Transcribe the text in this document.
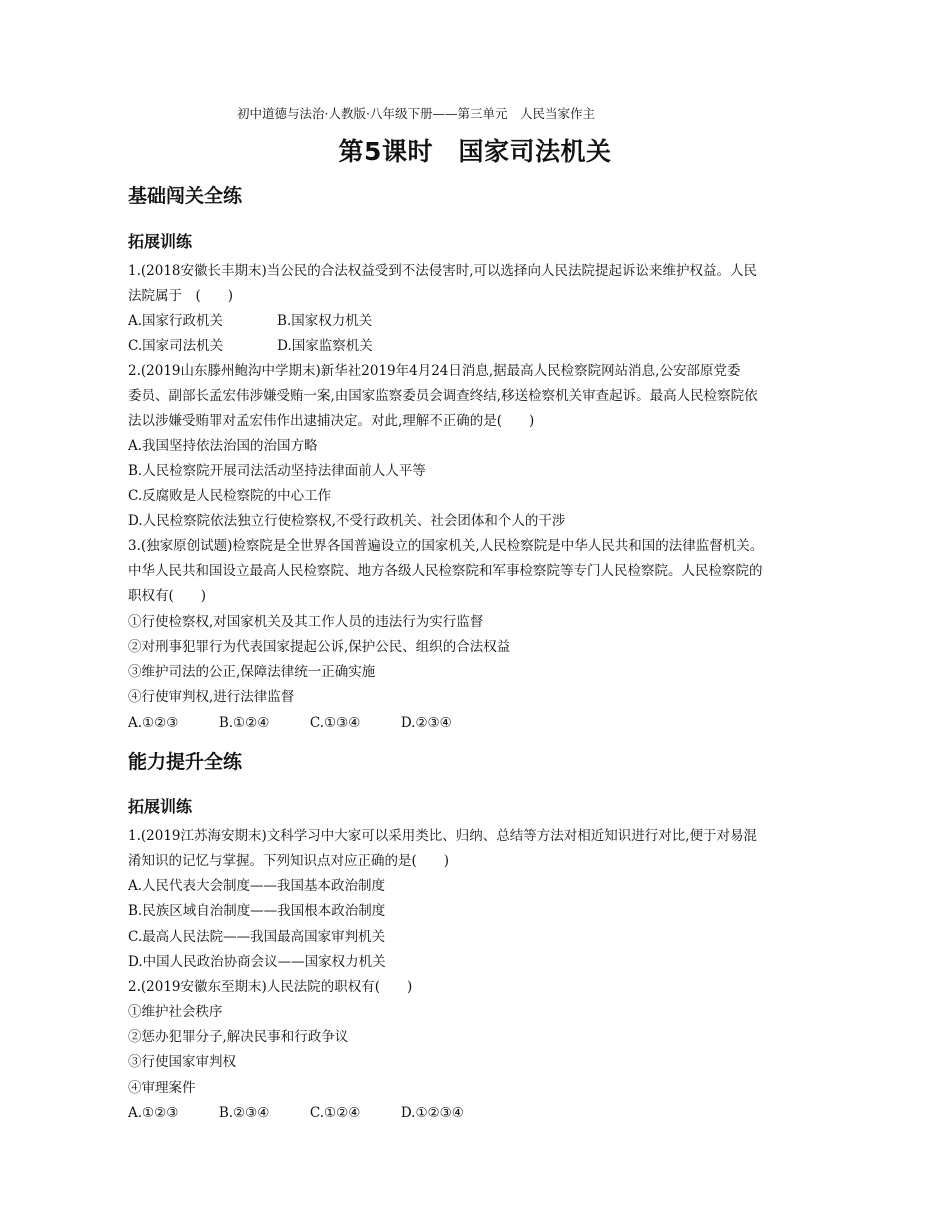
初中道德与法治·人教版·八年级下册——第三单元　人民当家作主
第5课时　国家司法机关
基础闯关全练
拓展训练
1.(2018安徽长丰期末)当公民的合法权益受到不法侵害时,可以选择向人民法院提起诉讼来维护权益。人民
法院属于　(　　)
A.国家行政机关　　　　B.国家权力机关
C.国家司法机关　　　　D.国家监察机关
2.(2019山东滕州鲍沟中学期末)新华社2019年4月24日消息,据最高人民检察院网站消息,公安部原党委
委员、副部长孟宏伟涉嫌受贿一案,由国家监察委员会调查终结,移送检察机关审查起诉。最高人民检察院依
法以涉嫌受贿罪对孟宏伟作出逮捕决定。对此,理解不正确的是(　　)
A.我国坚持依法治国的治国方略
B.人民检察院开展司法活动坚持法律面前人人平等
C.反腐败是人民检察院的中心工作
D.人民检察院依法独立行使检察权,不受行政机关、社会团体和个人的干涉
3.(独家原创试题)检察院是全世界各国普遍设立的国家机关,人民检察院是中华人民共和国的法律监督机关。
中华人民共和国设立最高人民检察院、地方各级人民检察院和军事检察院等专门人民检察院。人民检察院的
职权有(　　)
①行使检察权,对国家机关及其工作人员的违法行为实行监督
②对刑事犯罪行为代表国家提起公诉,保护公民、组织的合法权益
③维护司法的公正,保障法律统一正确实施
④行使审判权,进行法律监督
A.①②③　　　B.①②④　　　C.①③④　　　D.②③④
能力提升全练
拓展训练
1.(2019江苏海安期末)文科学习中大家可以采用类比、归纳、总结等方法对相近知识进行对比,便于对易混
淆知识的记忆与掌握。下列知识点对应正确的是(　　)
A.人民代表大会制度——我国基本政治制度
B.民族区域自治制度——我国根本政治制度
C.最高人民法院——我国最高国家审判机关
D.中国人民政治协商会议——国家权力机关
2.(2019安徽东至期末)人民法院的职权有(　　)
①维护社会秩序
②惩办犯罪分子,解决民事和行政争议
③行使国家审判权
④审理案件
A.①②③　　　B.②③④　　　C.①②④　　　D.①②③④
